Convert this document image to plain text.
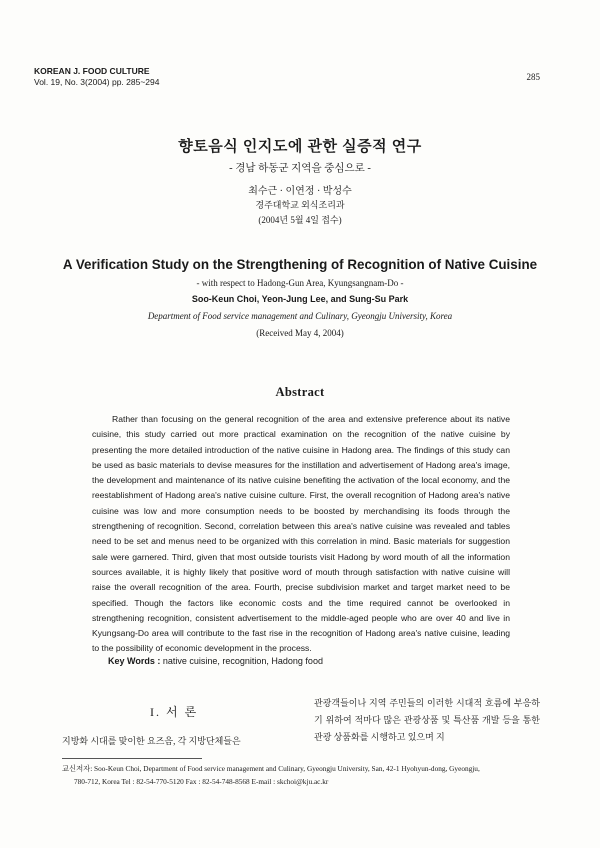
KOREAN J. FOOD CULTURE
Vol. 19, No. 3(2004) pp. 285~294	285
향토음식 인지도에 관한 실증적 연구
- 경남 하동군 지역을 중심으로 -
최수근 · 이연정 · 박성수
경주대학교 외식조리과
(2004년 5월 4일 접수)
A Verification Study on the Strengthening of Recognition of Native Cuisine
- with respect to Hadong-Gun Area, Kyungsangnam-Do -
Soo-Keun Choi, Yeon-Jung Lee, and Sung-Su Park
Department of Food service management and Culinary, Gyeongju University, Korea
(Received May 4, 2004)
Abstract

Rather than focusing on the general recognition of the area and extensive preference about its native cuisine, this study carried out more practical examination on the recognition of the native cuisine by presenting the more detailed introduction of the native cuisine in Hadong area. The findings of this study can be used as basic materials to devise measures for the instillation and advertisement of Hadong area's image, the development and maintenance of its native cuisine benefiting the activation of the local economy, and the reestablishment of Hadong area's native cuisine culture. First, the overall recognition of Hadong area's native cuisine was low and more consumption needs to be boosted by merchandising its foods through the strengthening of recognition. Second, correlation between this area's native cuisine was revealed and tables need to be set and menus need to be organized with this correlation in mind. Basic materials for suggestion sale were garnered. Third, given that most outside tourists visit Hadong by word mouth of all the information sources available, it is highly likely that positive word of mouth through satisfaction with native cuisine will raise the overall recognition of the area. Fourth, precise subdivision market and target market need to be specified. Though the factors like economic costs and the time required cannot be overlooked in strengthening recognition, consistent advertisement to the middle-aged people who are over 40 and live in Kyungsang-Do area will contribute to the fast rise in the recognition of Hadong area's native cuisine, leading to the possibility of economic development in the process.

Key Words : native cuisine, recognition, Hadong food
I. 서 론
지방화 시대를 맞이한 요즈음, 각 지방단체들은
관광객들이나 지역 주민들의 이러한 시대적 흐름에 부응하기 위하여 적마다 많은 관광상품 및 특산품 개발 등을 통한 관광 상품화를 시행하고 있으며 지
교신저자: Soo-Keun Choi, Department of Food service management and Culinary, Gyeongju University, San, 42-1 Hyohyun-dong, Gyeongju,
780-712, Korea Tel : 82-54-770-5120 Fax : 82-54-748-8568 E-mail : skchoi@kju.ac.kr
